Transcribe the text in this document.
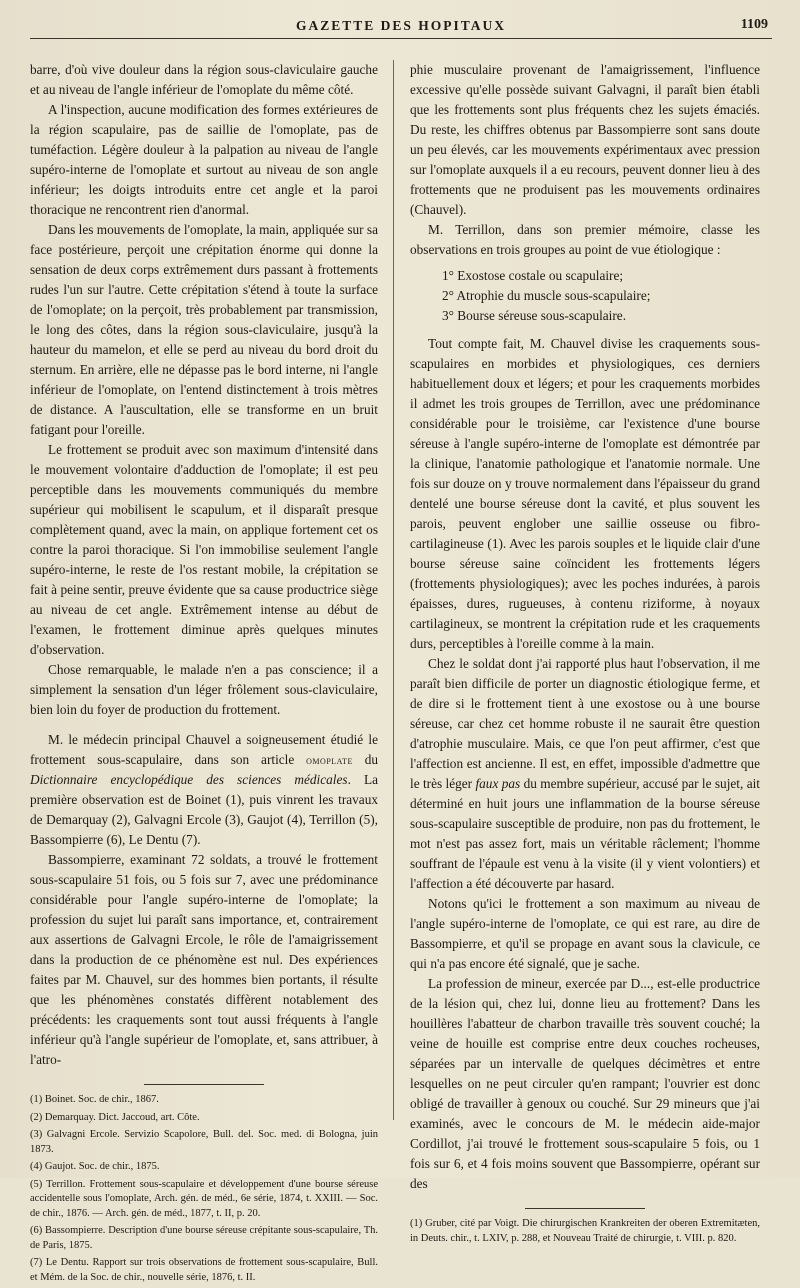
GAZETTE DES HOPITAUX	1109

barre, d'où vive douleur dans la région sous-claviculaire gauche et au niveau de l'angle inférieur de l'omoplate du même côté.

A l'inspection, aucune modification des formes extérieures de la région scapulaire, pas de saillie de l'omoplate, pas de tuméfaction. Légère douleur à la palpation au niveau de l'angle supéro-interne de l'omoplate et surtout au niveau de son angle inférieur; les doigts introduits entre cet angle et la paroi thoracique ne rencontrent rien d'anormal.

Dans les mouvements de l'omoplate, la main, appliquée sur sa face postérieure, perçoit une crépitation énorme qui donne la sensation de deux corps extrêmement durs passant à frottements rudes l'un sur l'autre. Cette crépitation s'étend à toute la surface de l'omoplate; on la perçoit, très probablement par transmission, le long des côtes, dans la région sous-claviculaire, jusqu'à la hauteur du mamelon, et elle se perd au niveau du bord droit du sternum. En arrière, elle ne dépasse pas le bord interne, ni l'angle inférieur de l'omoplate, on l'entend distinctement à trois mètres de distance. A l'auscultation, elle se transforme en un bruit fatigant pour l'oreille.

Le frottement se produit avec son maximum d'intensité dans le mouvement volontaire d'adduction de l'omoplate; il est peu perceptible dans les mouvements communiqués du membre supérieur qui mobilisent le scapulum, et il disparaît presque complètement quand, avec la main, on applique fortement cet os contre la paroi thoracique. Si l'on immobilise seulement l'angle supéro-interne, le reste de l'os restant mobile, la crépitation se fait à peine sentir, preuve évidente que sa cause productrice siège au niveau de cet angle. Extrêmement intense au début de l'examen, le frottement diminue après quelques minutes d'observation.

Chose remarquable, le malade n'en a pas conscience; il a simplement la sensation d'un léger frôlement sous-claviculaire, bien loin du foyer de production du frottement.

M. le médecin principal Chauvel a soigneusement étudié le frottement sous-scapulaire, dans son article omoplate du Dictionnaire encyclopédique des sciences médicales. La première observation est de Boinet (1), puis vinrent les travaux de Demarquay (2), Galvagni Ercole (3), Gaujot (4), Terrillon (5), Bassompierre (6), Le Dentu (7).

Bassompierre, examinant 72 soldats, a trouvé le frottement sous-scapulaire 51 fois, ou 5 fois sur 7, avec une prédominance considérable pour l'angle supéro-interne de l'omoplate; la profession du sujet lui paraît sans importance, et, contrairement aux assertions de Galvagni Ercole, le rôle de l'amaigrissement dans la production de ce phénomène est nul. Des expériences faites par M. Chauvel, sur des hommes bien portants, il résulte que les phénomènes constatés diffèrent notablement des précédents: les craquements sont tout aussi fréquents à l'angle inférieur qu'à l'angle supérieur de l'omoplate, et, sans attribuer, à l'atro-

(1) Boinet. Soc. de chir., 1867.
(2) Demarquay. Dict. Jaccoud, art. Côte.
(3) Galvagni Ercole. Servizio Scapolore, Bull. del. Soc. med. di Bologna, juin 1873.
(4) Gaujot. Soc. de chir., 1875.
(5) Terrillon. Frottement sous-scapulaire et développement d'une bourse séreuse accidentelle sous l'omoplate, Arch. gén. de méd., 6e série, 1874, t. XXIII. — Soc. de chir., 1876. — Arch. gén. de méd., 1877, t. II, p. 20.
(6) Bassompierre. Description d'une bourse séreuse crépitante sous-scapulaire, Th. de Paris, 1875.
(7) Le Dentu. Rapport sur trois observations de frottement sous-scapulaire, Bull. et Mém. de la Soc. de chir., nouvelle série, 1876, t. II.

phie musculaire provenant de l'amaigrissement, l'influence excessive qu'elle possède suivant Galvagni, il paraît bien établi que les frottements sont plus fréquents chez les sujets émaciés. Du reste, les chiffres obtenus par Bassompierre sont sans doute un peu élevés, car les mouvements expérimentaux avec pression sur l'omoplate auxquels il a eu recours, peuvent donner lieu à des frottements que ne produisent pas les mouvements ordinaires (Chauvel).

M. Terrillon, dans son premier mémoire, classe les observations en trois groupes au point de vue étiologique :

1° Exostose costale ou scapulaire;
2° Atrophie du muscle sous-scapulaire;
3° Bourse séreuse sous-scapulaire.

Tout compte fait, M. Chauvel divise les craquements sous-scapulaires en morbides et physiologiques, ces derniers habituellement doux et légers; et pour les craquements morbides il admet les trois groupes de Terrillon, avec une prédominance considérable pour le troisième, car l'existence d'une bourse séreuse à l'angle supéro-interne de l'omoplate est démontrée par la clinique, l'anatomie pathologique et l'anatomie normale. Une fois sur douze on y trouve normalement dans l'épaisseur du grand dentelé une bourse séreuse dont la cavité, et plus souvent les parois, peuvent englober une saillie osseuse ou fibro-cartilagineuse (1). Avec les parois souples et le liquide clair d'une bourse séreuse saine coïncident les frottements légers (frottements physiologiques); avec les poches indurées, à parois épaisses, dures, rugueuses, à contenu riziforme, à noyaux cartilagineux, se montrent la crépitation rude et les craquements durs, perceptibles à l'oreille comme à la main.

Chez le soldat dont j'ai rapporté plus haut l'observation, il me paraît bien difficile de porter un diagnostic étiologique ferme, et de dire si le frottement tient à une exostose ou à une bourse séreuse, car chez cet homme robuste il ne saurait être question d'atrophie musculaire. Mais, ce que l'on peut affirmer, c'est que l'affection est ancienne. Il est, en effet, impossible d'admettre que le très léger faux pas du membre supérieur, accusé par le sujet, ait déterminé en huit jours une inflammation de la bourse séreuse sous-scapulaire susceptible de produire, non pas du frottement, le mot n'est pas assez fort, mais un véritable râclement; l'homme souffrant de l'épaule est venu à la visite (il y vient volontiers) et l'affection a été découverte par hasard.

Notons qu'ici le frottement a son maximum au niveau de l'angle supéro-interne de l'omoplate, ce qui est rare, au dire de Bassompierre, et qu'il se propage en avant sous la clavicule, ce qui n'a pas encore été signalé, que je sache.

La profession de mineur, exercée par D..., est-elle productrice de la lésion qui, chez lui, donne lieu au frottement? Dans les houillères l'abatteur de charbon travaille très souvent couché; la veine de houille est comprise entre deux couches rocheuses, séparées par un intervalle de quelques décimètres et entre lesquelles on ne peut circuler qu'en rampant; l'ouvrier est donc obligé de travailler à genoux ou couché. Sur 29 mineurs que j'ai examinés, avec le concours de M. le médecin aide-major Cordillot, j'ai trouvé le frottement sous-scapulaire 5 fois, ou 1 fois sur 6, et 4 fois moins souvent que Bassompierre, opérant sur des

(1) Gruber, cité par Voigt. Die chirurgischen Krankreiten der oberen Extremitæten, in Deuts. chir., t. LXIV, p. 288, et Nouveau Traité de chirurgie, t. VIII. p. 820.
